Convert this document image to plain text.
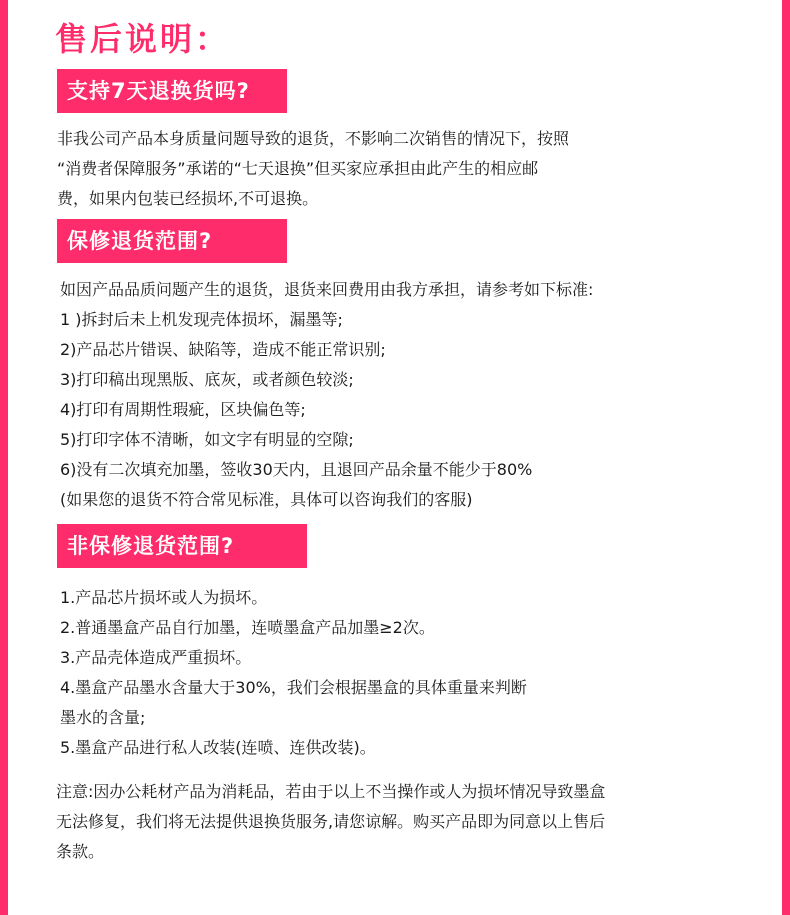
售后说明：
支持7天退换货吗?
非我公司产品本身质量问题导致的退货，不影响二次销售的情况下，按照
“消费者保障服务”承诺的“七天退换”但买家应承担由此产生的相应邮
费，如果内包装已经损坏,不可退换。
保修退货范围?
如因产品品质问题产生的退货，退货来回费用由我方承担，请参考如下标准:
1 )拆封后未上机发现壳体损坏，漏墨等;
2)产品芯片错误、缺陷等，造成不能正常识别;
3)打印稿出现黑版、底灰，或者颜色较淡;
4)打印有周期性瑕疵，区块偏色等;
5)打印字体不清晰，如文字有明显的空隙;
6)没有二次填充加墨，签收30天内，且退回产品余量不能少于80%
(如果您的退货不符合常见标准，具体可以咨询我们的客服)
非保修退货范围?
1.产品芯片损坏或人为损坏。
2.普通墨盒产品自行加墨，连喷墨盒产品加墨≥2次。
3.产品壳体造成严重损坏。
4.墨盒产品墨水含量大于30%，我们会根据墨盒的具体重量来判断
墨水的含量;
5.墨盒产品进行私人改装(连喷、连供改装)。
注意:因办公耗材产品为消耗品，若由于以上不当操作或人为损坏情况导致墨盒
无法修复，我们将无法提供退换货服务,请您谅解。购买产品即为同意以上售后
条款。
